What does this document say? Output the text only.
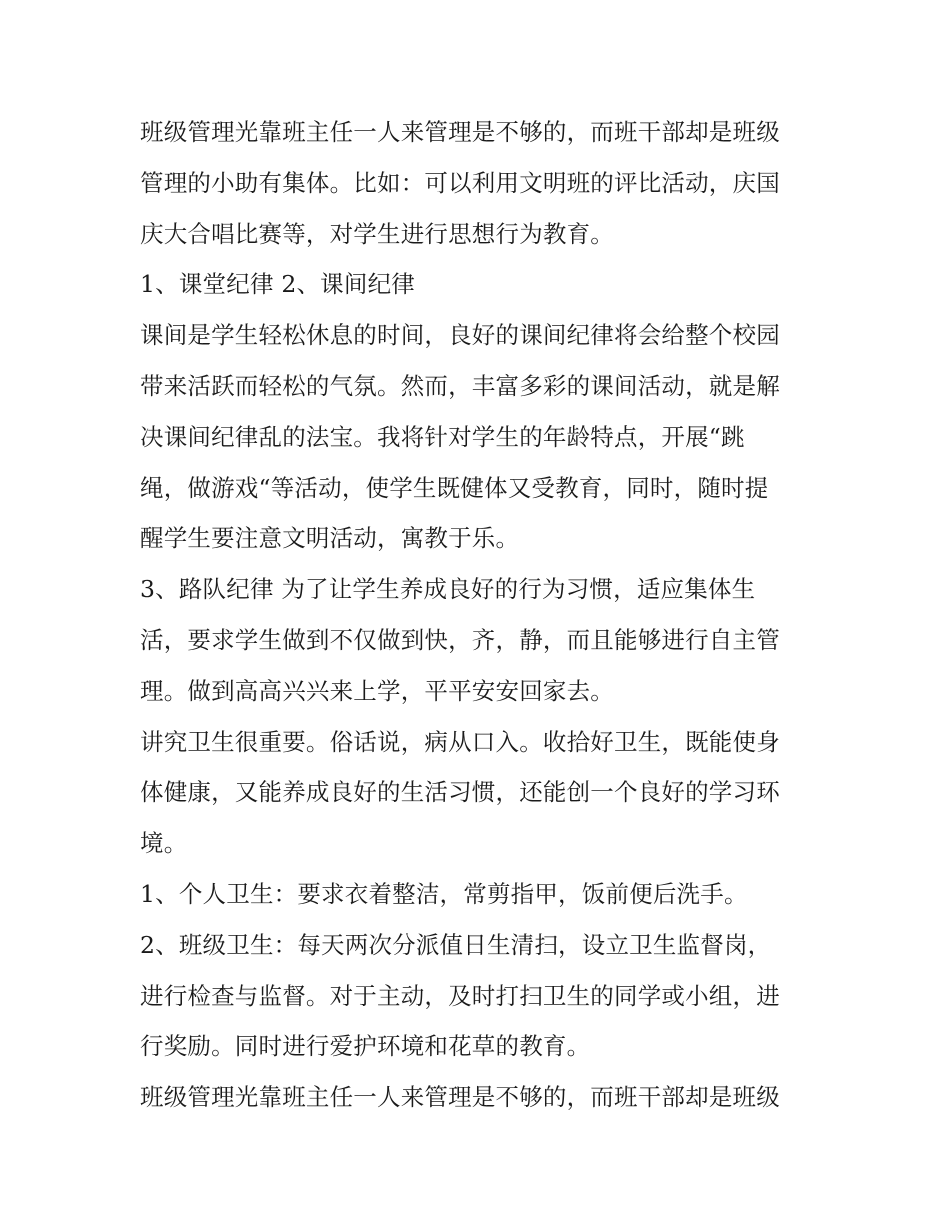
班级管理光靠班主任一人来管理是不够的，而班干部却是班级
管理的小助有集体。比如：可以利用文明班的评比活动，庆国
庆大合唱比赛等，对学生进行思想行为教育。
1、课堂纪律 2、课间纪律
课间是学生轻松休息的时间，良好的课间纪律将会给整个校园
带来活跃而轻松的气氛。然而，丰富多彩的课间活动，就是解
决课间纪律乱的法宝。我将针对学生的年龄特点，开展“跳
绳，做游戏“等活动，使学生既健体又受教育，同时，随时提
醒学生要注意文明活动，寓教于乐。
3、路队纪律 为了让学生养成良好的行为习惯，适应集体生
活，要求学生做到不仅做到快，齐，静，而且能够进行自主管
理。做到高高兴兴来上学，平平安安回家去。
讲究卫生很重要。俗话说，病从口入。收拾好卫生，既能使身
体健康，又能养成良好的生活习惯，还能创一个良好的学习环
境。
1、个人卫生：要求衣着整洁，常剪指甲，饭前便后洗手。
2、班级卫生：每天两次分派值日生清扫，设立卫生监督岗，
进行检查与监督。对于主动，及时打扫卫生的同学或小组，进
行奖励。同时进行爱护环境和花草的教育。
班级管理光靠班主任一人来管理是不够的，而班干部却是班级
